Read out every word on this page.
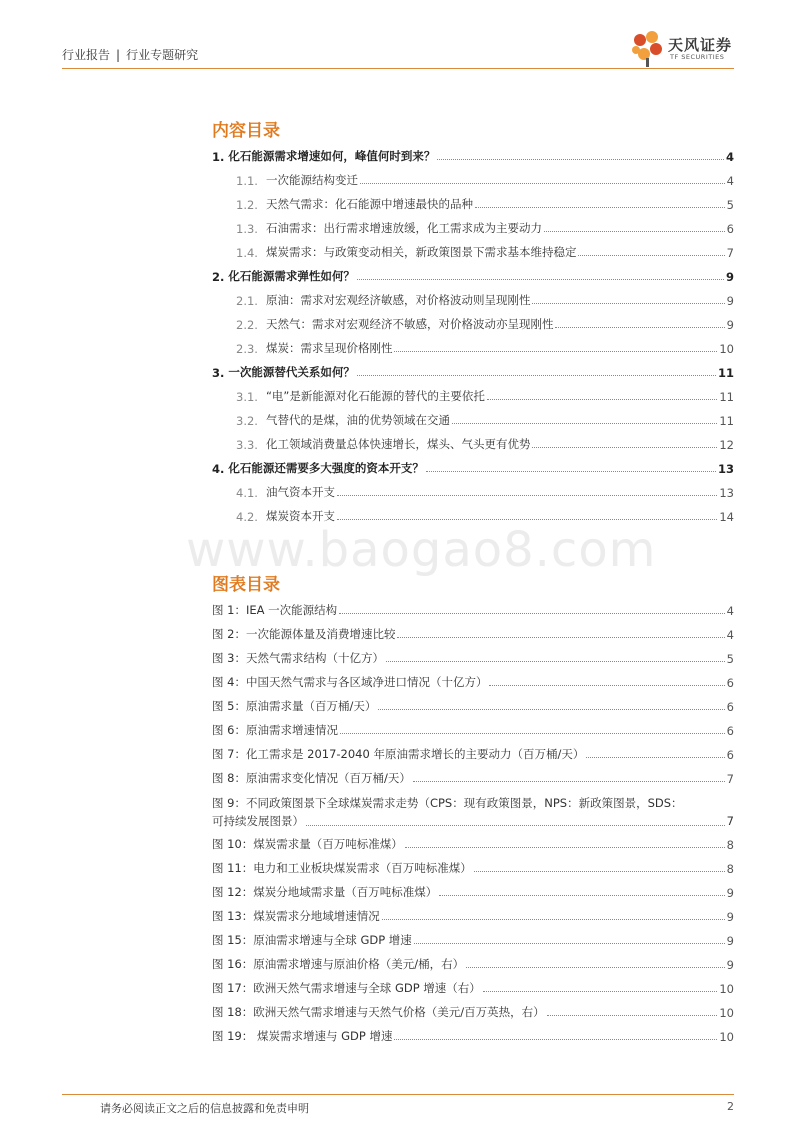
行业报告 | 行业专题研究
天风证券
TF SECURITIES
内容目录
1. 化石能源需求增速如何，峰值何时到来？	4
1.1. 一次能源结构变迁	4
1.2. 天然气需求：化石能源中增速最快的品种	5
1.3. 石油需求：出行需求增速放缓，化工需求成为主要动力	6
1.4. 煤炭需求：与政策变动相关，新政策图景下需求基本维持稳定	7
2. 化石能源需求弹性如何？	9
2.1. 原油：需求对宏观经济敏感，对价格波动则呈现刚性	9
2.2. 天然气：需求对宏观经济不敏感，对价格波动亦呈现刚性	9
2.3. 煤炭：需求呈现价格刚性	10
3. 一次能源替代关系如何？	11
3.1. “电”是新能源对化石能源的替代的主要依托	11
3.2. 气替代的是煤，油的优势领域在交通	11
3.3. 化工领域消费量总体快速增长，煤头、气头更有优势	12
4. 化石能源还需要多大强度的资本开支？	13
4.1. 油气资本开支	13
4.2. 煤炭资本开支	14
www.baogao8.com
图表目录
图 1：IEA 一次能源结构	4
图 2：一次能源体量及消费增速比较	4
图 3：天然气需求结构（十亿方）	5
图 4：中国天然气需求与各区域净进口情况（十亿方）	6
图 5：原油需求量（百万桶/天）	6
图 6：原油需求增速情况	6
图 7：化工需求是 2017-2040 年原油需求增长的主要动力（百万桶/天）	6
图 8：原油需求变化情况（百万桶/天）	7
图 9：不同政策图景下全球煤炭需求走势（CPS：现有政策图景，NPS：新政策图景，SDS：
可持续发展图景）	7
图 10：煤炭需求量（百万吨标准煤）	8
图 11：电力和工业板块煤炭需求（百万吨标准煤）	8
图 12：煤炭分地域需求量（百万吨标准煤）	9
图 13：煤炭需求分地域增速情况	9
图 15：原油需求增速与全球 GDP 增速	9
图 16：原油需求增速与原油价格（美元/桶，右）	9
图 17：欧洲天然气需求增速与全球 GDP 增速（右）	10
图 18：欧洲天然气需求增速与天然气价格（美元/百万英热，右）	10
图 19： 煤炭需求增速与 GDP 增速	10
请务必阅读正文之后的信息披露和免责申明	2
